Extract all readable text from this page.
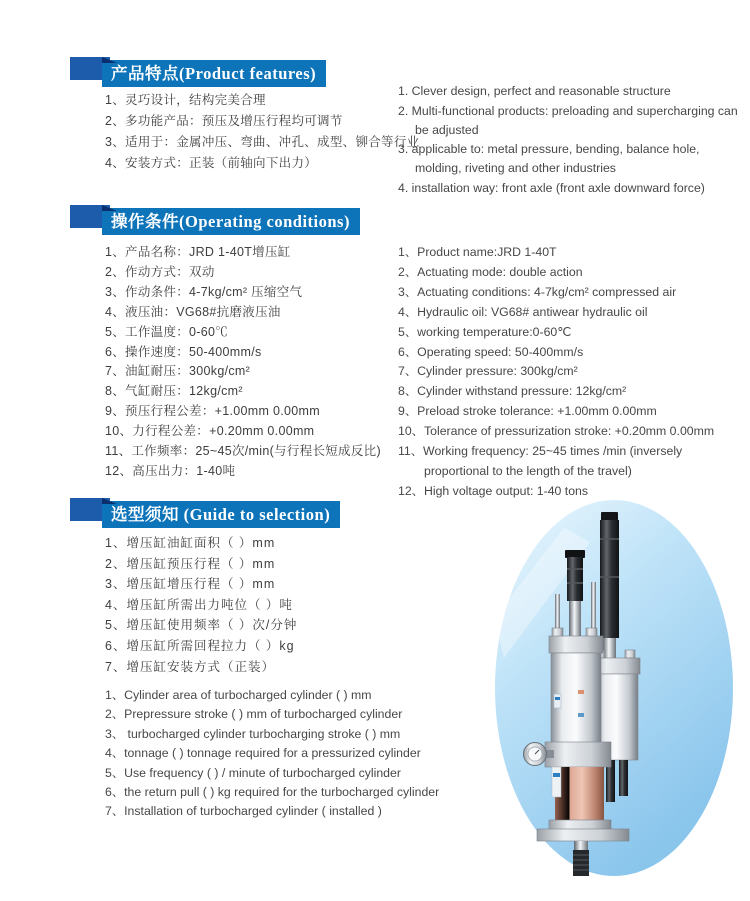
产品特点(Product features)
1、灵巧设计，结构完美合理
2、多功能产品：预压及增压行程均可调节
3、适用于：金属冲压、弯曲、冲孔、成型、铆合等行业
4、安装方式：正装（前轴向下出力）
1. Clever design, perfect and reasonable structure
2. Multi-functional products: preloading and supercharging can be adjusted
3. applicable to: metal pressure, bending, balance hole, molding, riveting and other industries
4. installation way: front axle (front axle downward force)
操作条件(Operating conditions)
1、产品名称：JRD 1-40T增压缸
2、作动方式：双动
3、作动条件：4-7kg/cm² 压缩空气
4、液压油：VG68#抗磨液压油
5、工作温度：0-60℃
6、操作速度：50-400mm/s
7、油缸耐压：300kg/cm²
8、气缸耐压：12kg/cm²
9、预压行程公差：+1.00mm 0.00mm
10、力行程公差：+0.20mm 0.00mm
11、工作频率：25~45次/min(与行程长短成反比)
12、高压出力：1-40吨
1、Product name:JRD 1-40T
2、Actuating mode: double action
3、Actuating conditions: 4-7kg/cm² compressed air
4、Hydraulic oil: VG68# antiwear hydraulic oil
5、working temperature:0-60℃
6、Operating speed: 50-400mm/s
7、Cylinder pressure: 300kg/cm²
8、Cylinder withstand pressure: 12kg/cm²
9、Preload stroke tolerance: +1.00mm 0.00mm
10、Tolerance of pressurization stroke: +0.20mm 0.00mm
11、Working frequency: 25~45 times /min (inversely proportional to the length of the travel)
12、High voltage output: 1-40 tons
选型须知 (Guide to selection)
1、增压缸油缸面积（ ）mm
2、增压缸预压行程（ ）mm
3、增压缸增压行程（ ）mm
4、增压缸所需出力吨位（ ）吨
5、增压缸使用频率（ ）次/分钟
6、增压缸所需回程拉力（ ）kg
7、增压缸安装方式（正装）
1、Cylinder area of turbocharged cylinder ( ) mm
2、Prepressure stroke ( ) mm of turbocharged cylinder
3、 turbocharged cylinder turbocharging stroke ( ) mm
4、tonnage ( ) tonnage required for a pressurized cylinder
5、Use frequency ( ) / minute of turbocharged cylinder
6、the return pull ( ) kg required for the turbocharged cylinder
7、Installation of turbocharged cylinder ( installed )
